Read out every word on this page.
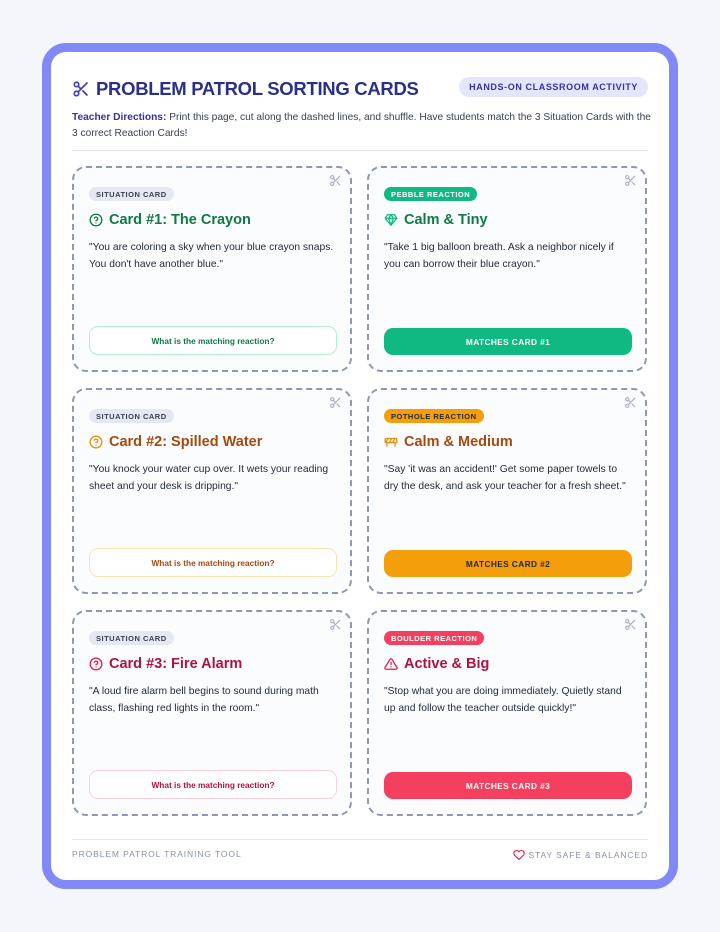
PROBLEM PATROL SORTING CARDS	HANDS-ON CLASSROOM ACTIVITY

Teacher Directions: Print this page, cut along the dashed lines, and shuffle. Have students match the 3 Situation Cards with the 3 correct Reaction Cards!

SITUATION CARD
Card #1: The Crayon

"You are coloring a sky when your blue crayon snaps. You don't have another blue."

What is the matching reaction?
PEBBLE REACTION
Calm & Tiny

"Take 1 big balloon breath. Ask a neighbor nicely if you can borrow their blue crayon."

MATCHES CARD #1
SITUATION CARD
Card #2: Spilled Water

"You knock your water cup over. It wets your reading sheet and your desk is dripping."

What is the matching reaction?
POTHOLE REACTION
Calm & Medium

"Say 'it was an accident!' Get some paper towels to dry the desk, and ask your teacher for a fresh sheet."

MATCHES CARD #2
SITUATION CARD
Card #3: Fire Alarm

"A loud fire alarm bell begins to sound during math class, flashing red lights in the room."

What is the matching reaction?
BOULDER REACTION
Active & Big

"Stop what you are doing immediately. Quietly stand up and follow the teacher outside quickly!"

MATCHES CARD #3
PROBLEM PATROL TRAINING TOOL	STAY SAFE & BALANCED
